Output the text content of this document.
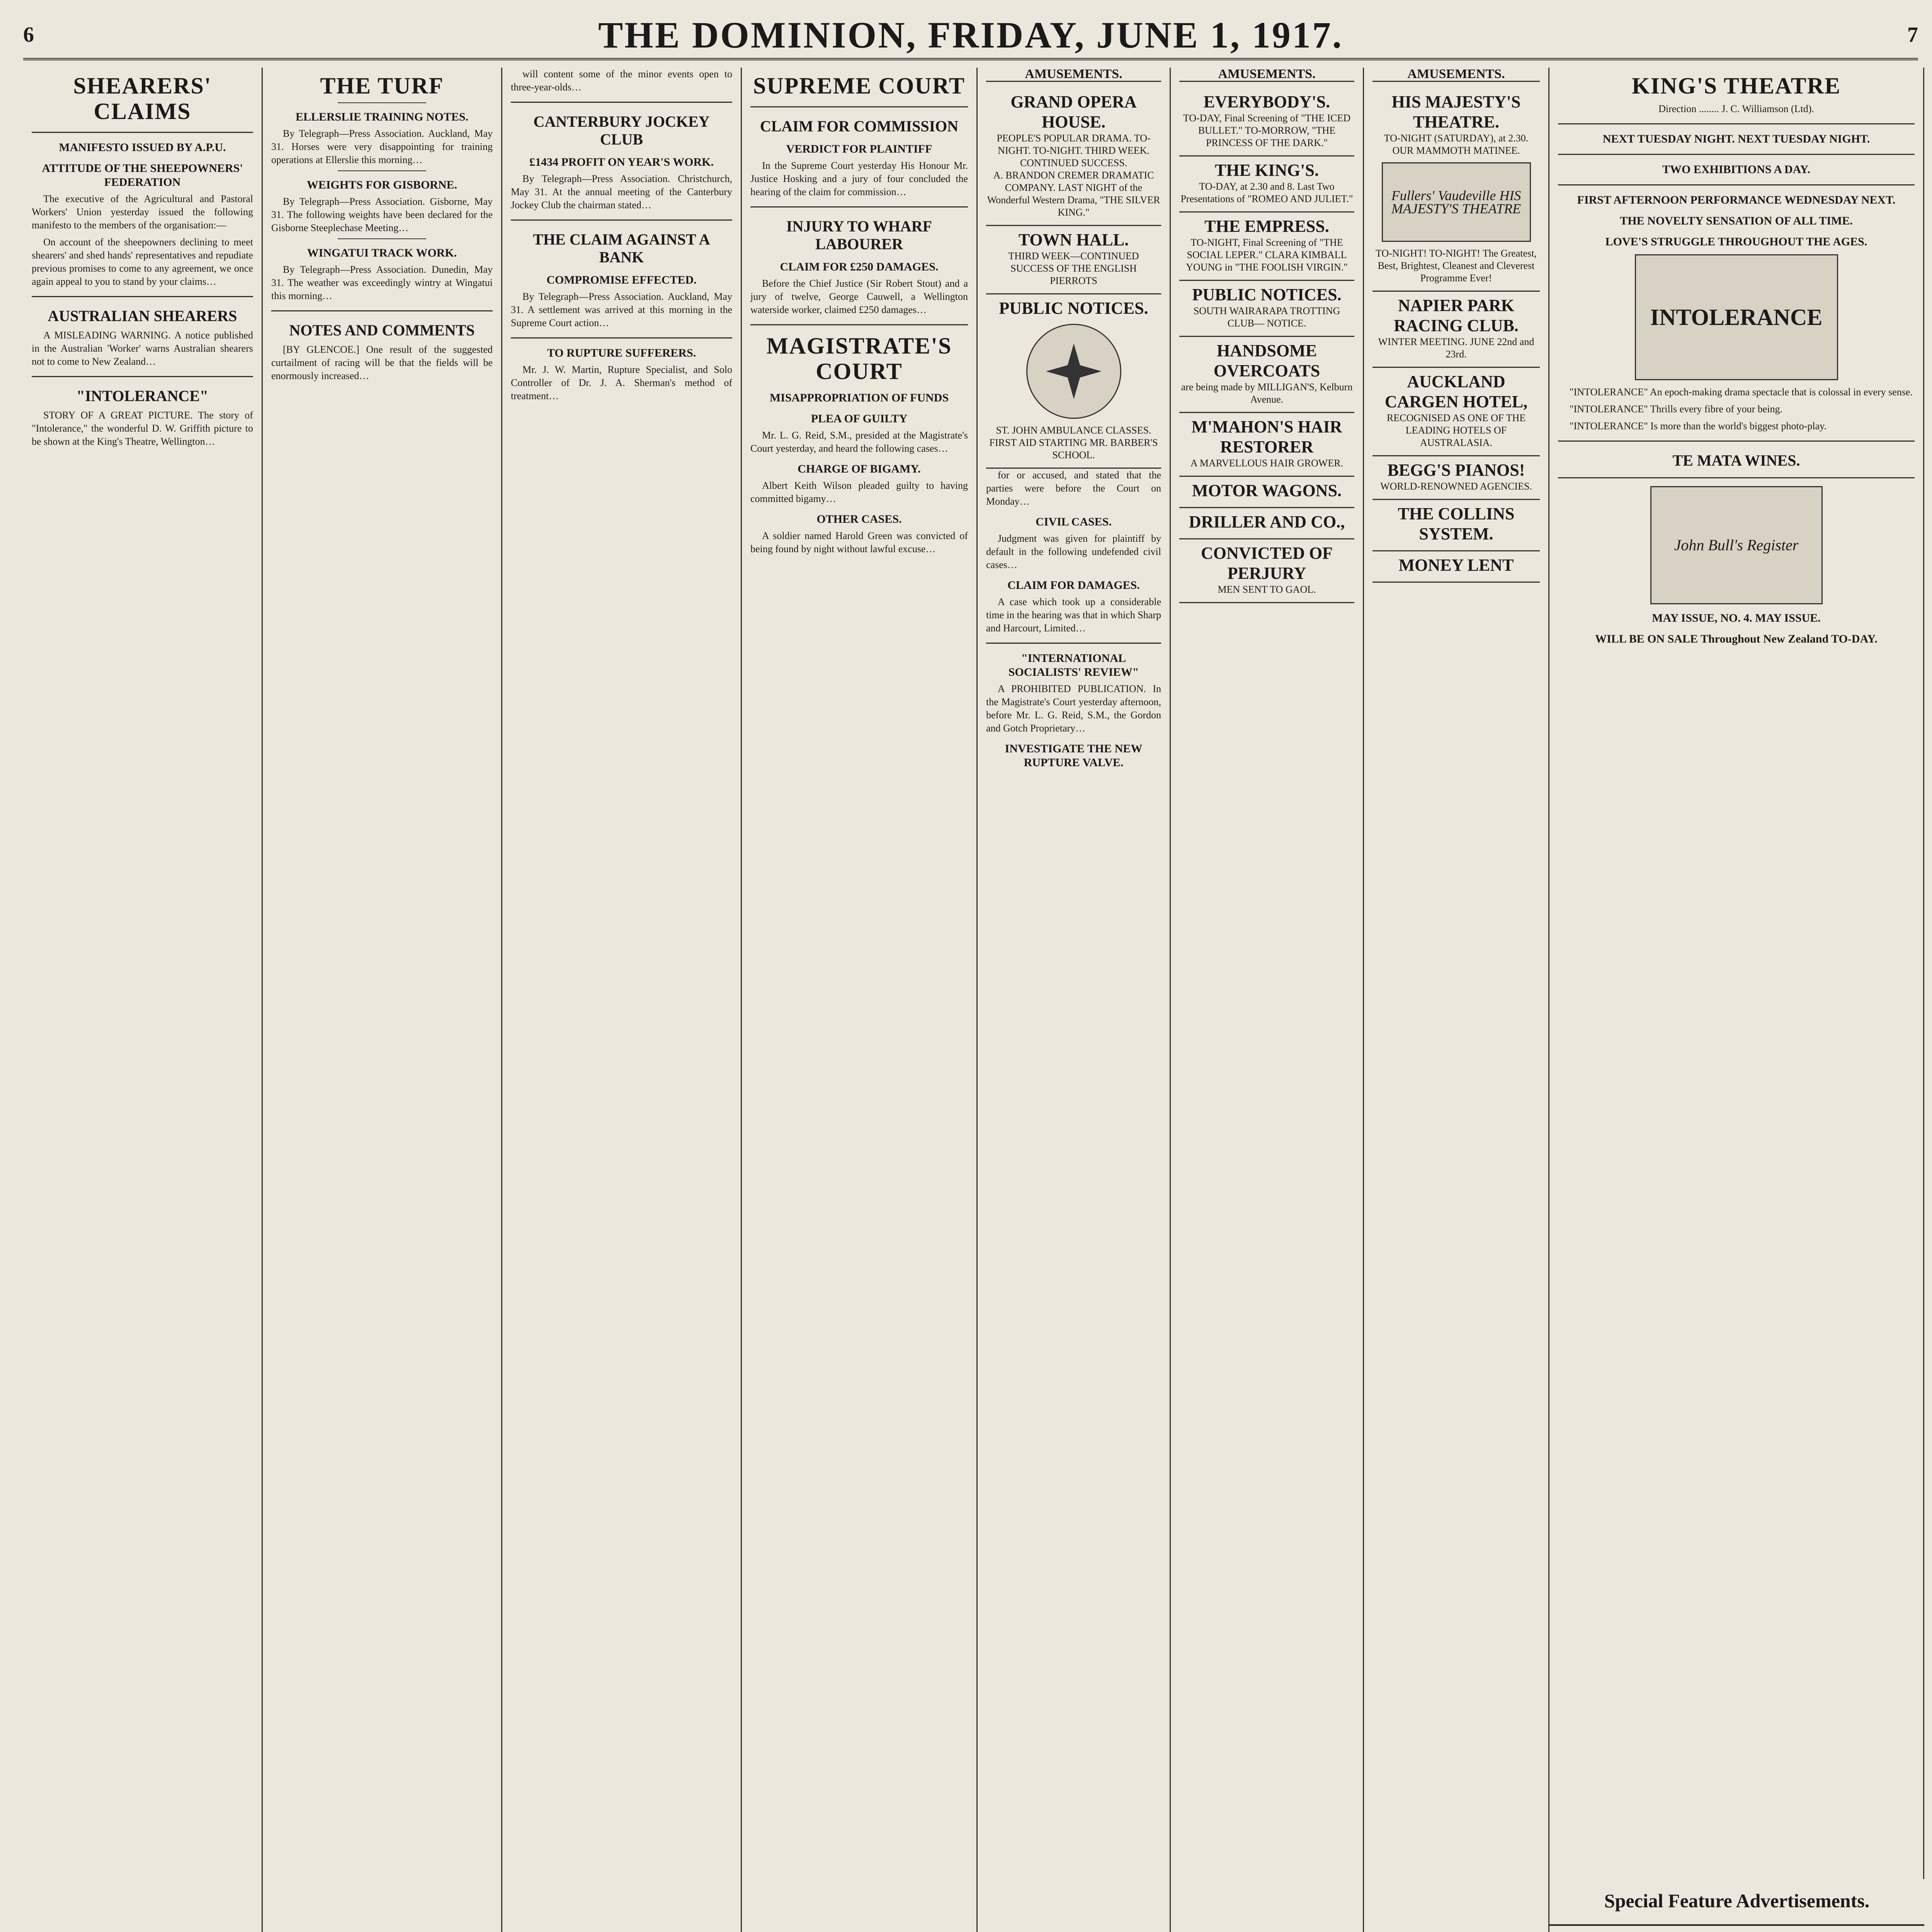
6	THE DOMINION, FRIDAY, JUNE 1, 1917.	7
SHEARERS' CLAIMS
MANIFESTO ISSUED BY A.P.U.
ATTITUDE OF THE SHEEPOWNERS' FEDERATION

The executive of the Agricultural and Pastoral Workers' Union yesterday issued the following manifesto to the members of the organisation:—

On account of the sheepowners declining to meet shearers' and shed hands' representatives and repudiate previous promises to come to any agreement, we once again appeal to you to stand by your claims…

AUSTRALIAN SHEARERS

A MISLEADING WARNING. A notice published in the Australian 'Worker' warns Australian shearers not to come to New Zealand…

"INTOLERANCE"

STORY OF A GREAT PICTURE. The story of "Intolerance," the wonderful D. W. Griffith picture to be shown at the King's Theatre, Wellington…

THE TURF
ELLERSLIE TRAINING NOTES.

By Telegraph—Press Association. Auckland, May 31. Horses were very disappointing for training operations at Ellerslie this morning…

WEIGHTS FOR GISBORNE.

By Telegraph—Press Association. Gisborne, May 31. The following weights have been declared for the Gisborne Steeplechase Meeting…

WINGATUI TRACK WORK.

By Telegraph—Press Association. Dunedin, May 31. The weather was exceedingly wintry at Wingatui this morning…

NOTES AND COMMENTS

[BY GLENCOE.] One result of the suggested curtailment of racing will be that the fields will be enormously increased…

will content some of the minor events open to three-year-olds…

CANTERBURY JOCKEY CLUB
£1434 PROFIT ON YEAR'S WORK.

By Telegraph—Press Association. Christchurch, May 31. At the annual meeting of the Canterbury Jockey Club the chairman stated…

THE CLAIM AGAINST A BANK
COMPROMISE EFFECTED.

By Telegraph—Press Association. Auckland, May 31. A settlement was arrived at this morning in the Supreme Court action…

TO RUPTURE SUFFERERS.

Mr. J. W. Martin, Rupture Specialist, and Solo Controller of Dr. J. A. Sherman's method of treatment…

SUPREME COURT
CLAIM FOR COMMISSION
VERDICT FOR PLAINTIFF

In the Supreme Court yesterday His Honour Mr. Justice Hosking and a jury of four concluded the hearing of the claim for commission…

INJURY TO WHARF LABOURER
CLAIM FOR £250 DAMAGES.

Before the Chief Justice (Sir Robert Stout) and a jury of twelve, George Cauwell, a Wellington waterside worker, claimed £250 damages…

MAGISTRATE'S COURT
MISAPPROPRIATION OF FUNDS
PLEA OF GUILTY

Mr. L. G. Reid, S.M., presided at the Magistrate's Court yesterday, and heard the following cases…

CHARGE OF BIGAMY.

Albert Keith Wilson pleaded guilty to having committed bigamy…

OTHER CASES.

A soldier named Harold Green was convicted of being found by night without lawful excuse…

AMUSEMENTS.
GRAND OPERA HOUSE.
PEOPLE'S POPULAR DRAMA. TO-NIGHT. TO-NIGHT. THIRD WEEK. CONTINUED SUCCESS.
A. BRANDON CREMER DRAMATIC COMPANY. LAST NIGHT of the Wonderful Western Drama, "THE SILVER KING."
TOWN HALL.
THIRD WEEK—CONTINUED SUCCESS OF THE ENGLISH PIERROTS
PUBLIC NOTICES.
ST. JOHN AMBULANCE CLASSES. FIRST AID STARTING MR. BARBER'S SCHOOL.

for or accused, and stated that the parties were before the Court on Monday…

CIVIL CASES.

Judgment was given for plaintiff by default in the following undefended civil cases…

CLAIM FOR DAMAGES.

A case which took up a considerable time in the hearing was that in which Sharp and Harcourt, Limited…

"INTERNATIONAL SOCIALISTS' REVIEW"

A PROHIBITED PUBLICATION. In the Magistrate's Court yesterday afternoon, before Mr. L. G. Reid, S.M., the Gordon and Gotch Proprietary…

INVESTIGATE THE NEW RUPTURE VALVE.
AMUSEMENTS.
EVERYBODY'S.
TO-DAY, Final Screening of "THE ICED BULLET." TO-MORROW, "THE PRINCESS OF THE DARK."
THE KING'S.
TO-DAY, at 2.30 and 8. Last Two Presentations of "ROMEO AND JULIET."
THE EMPRESS.
TO-NIGHT, Final Screening of "THE SOCIAL LEPER." CLARA KIMBALL YOUNG in "THE FOOLISH VIRGIN."
PUBLIC NOTICES.
SOUTH WAIRARAPA TROTTING CLUB— NOTICE.
HANDSOME OVERCOATS
are being made by MILLIGAN'S, Kelburn Avenue.
M'MAHON'S HAIR RESTORER
A MARVELLOUS HAIR GROWER.
MOTOR WAGONS.
DRILLER AND CO.,
CONVICTED OF PERJURY
MEN SENT TO GAOL.
AMUSEMENTS.
HIS MAJESTY'S THEATRE.
TO-NIGHT (SATURDAY), at 2.30. OUR MAMMOTH MATINEE.
Fullers' Vaudeville HIS MAJESTY'S THEATRE
TO-NIGHT! TO-NIGHT! The Greatest, Best, Brightest, Cleanest and Cleverest Programme Ever!
NAPIER PARK RACING CLUB.
WINTER MEETING. JUNE 22nd and 23rd.
AUCKLAND CARGEN HOTEL,
RECOGNISED AS ONE OF THE LEADING HOTELS OF AUSTRALASIA.
BEGG'S PIANOS!
WORLD-RENOWNED AGENCIES.
THE COLLINS SYSTEM.
MONEY LENT
KING'S THEATRE

Direction ........ J. C. Williamson (Ltd).

NEXT TUESDAY NIGHT. NEXT TUESDAY NIGHT.
TWO EXHIBITIONS A DAY.
FIRST AFTERNOON PERFORMANCE WEDNESDAY NEXT.
THE NOVELTY SENSATION OF ALL TIME.
LOVE'S STRUGGLE THROUGHOUT THE AGES.
INTOLERANCE

"INTOLERANCE" An epoch-making drama spectacle that is colossal in every sense.

"INTOLERANCE" Thrills every fibre of your being.

"INTOLERANCE" Is more than the world's biggest photo-play.

TE MATA WINES.
John Bull's Register
MAY ISSUE, NO. 4. MAY ISSUE.
WILL BE ON SALE Throughout New Zealand TO-DAY.
Special Feature Advertisements.
